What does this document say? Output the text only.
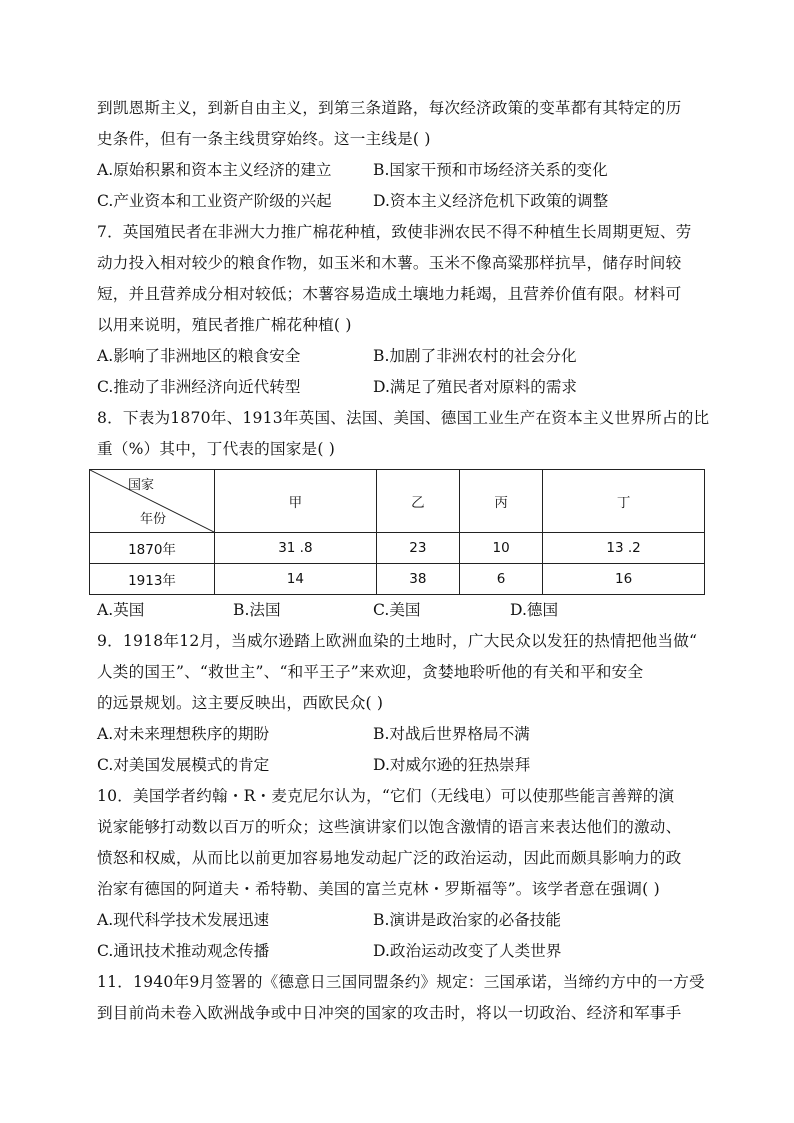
到凯恩斯主义，到新自由主义，到第三条道路，每次经济政策的变革都有其特定的历
史条件，但有一条主线贯穿始终。这一主线是( )
A.原始积累和资本主义经济的建立	B.国家干预和市场经济关系的变化
C.产业资本和工业资产阶级的兴起	D.资本主义经济危机下政策的调整
7．英国殖民者在非洲大力推广棉花种植，致使非洲农民不得不种植生长周期更短、劳
动力投入相对较少的粮食作物，如玉米和木薯。玉米不像高粱那样抗旱，储存时间较
短，并且营养成分相对较低；木薯容易造成土壤地力耗竭，且营养价值有限。材料可
以用来说明，殖民者推广棉花种植( )
A.影响了非洲地区的粮食安全	B.加剧了非洲农村的社会分化
C.推动了非洲经济向近代转型	D.满足了殖民者对原料的需求
8．下表为1870年、1913年英国、法国、美国、德国工业生产在资本主义世界所占的比
重（%）其中，丁代表的国家是( )
国家
年份	甲	乙	丙	丁
1870年	31 .8	23	10	13 .2
1913年	14	38	6	16
A.英国	B.法国	C.美国	D.德国
9．1918年12月，当威尔逊踏上欧洲血染的土地时，广大民众以发狂的热情把他当做“
人类的国王”、“救世主”、“和平王子”来欢迎，贪婪地聆听他的有关和平和安全
的远景规划。这主要反映出，西欧民众( )
A.对未来理想秩序的期盼	B.对战后世界格局不满
C.对美国发展模式的肯定	D.对威尔逊的狂热崇拜
10．美国学者约翰・R・麦克尼尔认为，“它们（无线电）可以使那些能言善辩的演
说家能够打动数以百万的听众；这些演讲家们以饱含激情的语言来表达他们的激动、
愤怒和权威，从而比以前更加容易地发动起广泛的政治运动，因此而颇具影响力的政
治家有德国的阿道夫・希特勒、美国的富兰克林・罗斯福等”。该学者意在强调( )
A.现代科学技术发展迅速	B.演讲是政治家的必备技能
C.通讯技术推动观念传播	D.政治运动改变了人类世界
11．1940年9月签署的《德意日三国同盟条约》规定：三国承诺，当缔约方中的一方受
到目前尚未卷入欧洲战争或中日冲突的国家的攻击时，将以一切政治、经济和军事手
